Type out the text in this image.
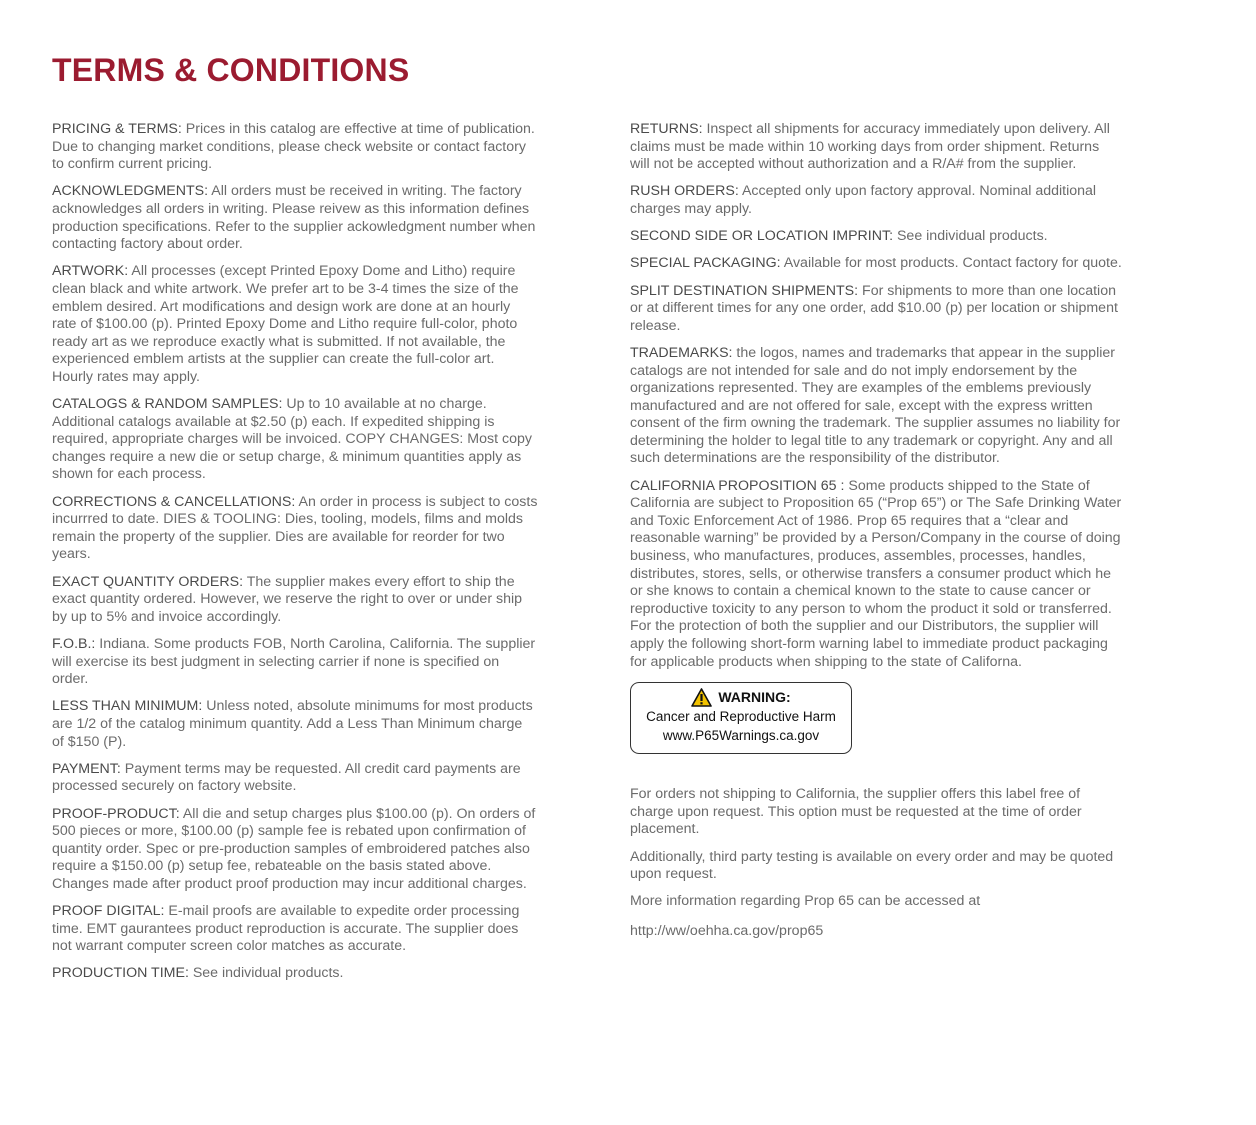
TERMS & CONDITIONS

PRICING & TERMS: Prices in this catalog are effective at time of publication. Due to changing market conditions, please check website or contact factory to confirm current pricing.

ACKNOWLEDGMENTS: All orders must be received in writing. The factory acknowledges all orders in writing. Please reivew as this information defines production specifications. Refer to the supplier ackowledgment number when contacting factory about order.

ARTWORK: All processes (except Printed Epoxy Dome and Litho) require clean black and white artwork. We prefer art to be 3-4 times the size of the emblem desired. Art modifications and design work are done at an hourly rate of $100.00 (p). Printed Epoxy Dome and Litho require full-color, photo ready art as we reproduce exactly what is submitted. If not available, the experienced emblem artists at the supplier can create the full-color art. Hourly rates may apply.

CATALOGS & RANDOM SAMPLES: Up to 10 available at no charge. Additional catalogs available at $2.50 (p) each. If expedited shipping is required, appropriate charges will be invoiced. COPY CHANGES: Most copy changes require a new die or setup charge, & minimum quantities apply as shown for each process.

CORRECTIONS & CANCELLATIONS: An order in process is subject to costs incurrred to date. DIES & TOOLING: Dies, tooling, models, films and molds remain the property of the supplier. Dies are available for reorder for two years.

EXACT QUANTITY ORDERS: The supplier makes every effort to ship the exact quantity ordered. However, we reserve the right to over or under ship by up to 5% and invoice accordingly.

F.O.B.: Indiana. Some products FOB, North Carolina, California. The supplier will exercise its best judgment in selecting carrier if none is specified on order.

LESS THAN MINIMUM: Unless noted, absolute minimums for most products are 1/2 of the catalog minimum quantity. Add a Less Than Minimum charge of $150 (P).

PAYMENT: Payment terms may be requested. All credit card payments are processed securely on factory website.

PROOF-PRODUCT: All die and setup charges plus $100.00 (p). On orders of 500 pieces or more, $100.00 (p) sample fee is rebated upon confirmation of quantity order. Spec or pre-production samples of embroidered patches also require a $150.00 (p) setup fee, rebateable on the basis stated above. Changes made after product proof production may incur additional charges.

PROOF DIGITAL: E-mail proofs are available to expedite order processing time. EMT gaurantees product reproduction is accurate. The supplier does not warrant computer screen color matches as accurate.

PRODUCTION TIME: See individual products.

RETURNS: Inspect all shipments for accuracy immediately upon delivery. All claims must be made within 10 working days from order shipment. Returns will not be accepted without authorization and a R/A# from the supplier.

RUSH ORDERS: Accepted only upon factory approval. Nominal additional charges may apply.

SECOND SIDE OR LOCATION IMPRINT: See individual products.

SPECIAL PACKAGING: Available for most products. Contact factory for quote.

SPLIT DESTINATION SHIPMENTS: For shipments to more than one location or at different times for any one order, add $10.00 (p) per location or shipment release.

TRADEMARKS: the logos, names and trademarks that appear in the supplier catalogs are not intended for sale and do not imply endorsement by the organizations represented. They are examples of the emblems previously manufactured and are not offered for sale, except with the express written consent of the firm owning the trademark. The supplier assumes no liability for determining the holder to legal title to any trademark or copyright. Any and all such determinations are the responsibility of the distributor.

CALIFORNIA PROPOSITION 65 : Some products shipped to the State of California are subject to Proposition 65 (“Prop 65”) or The Safe Drinking Water and Toxic Enforcement Act of 1986. Prop 65 requires that a “clear and reasonable warning” be provided by a Person/Company in the course of doing business, who manufactures, produces, assembles, processes, handles, distributes, stores, sells, or otherwise transfers a consumer product which he or she knows to contain a chemical known to the state to cause cancer or reproductive toxicity to any person to whom the product it sold or transferred. For the protection of both the supplier and our Distributors, the supplier will apply the following short-form warning label to immediate product packaging for applicable products when shipping to the state of Californa.

WARNING:
Cancer and Reproductive Harm
www.P65Warnings.ca.gov

For orders not shipping to California, the supplier offers this label free of charge upon request. This option must be requested at the time of order placement.

Additionally, third party testing is available on every order and may be quoted upon request.

More information regarding Prop 65 can be accessed at

http://ww/oehha.ca.gov/prop65
